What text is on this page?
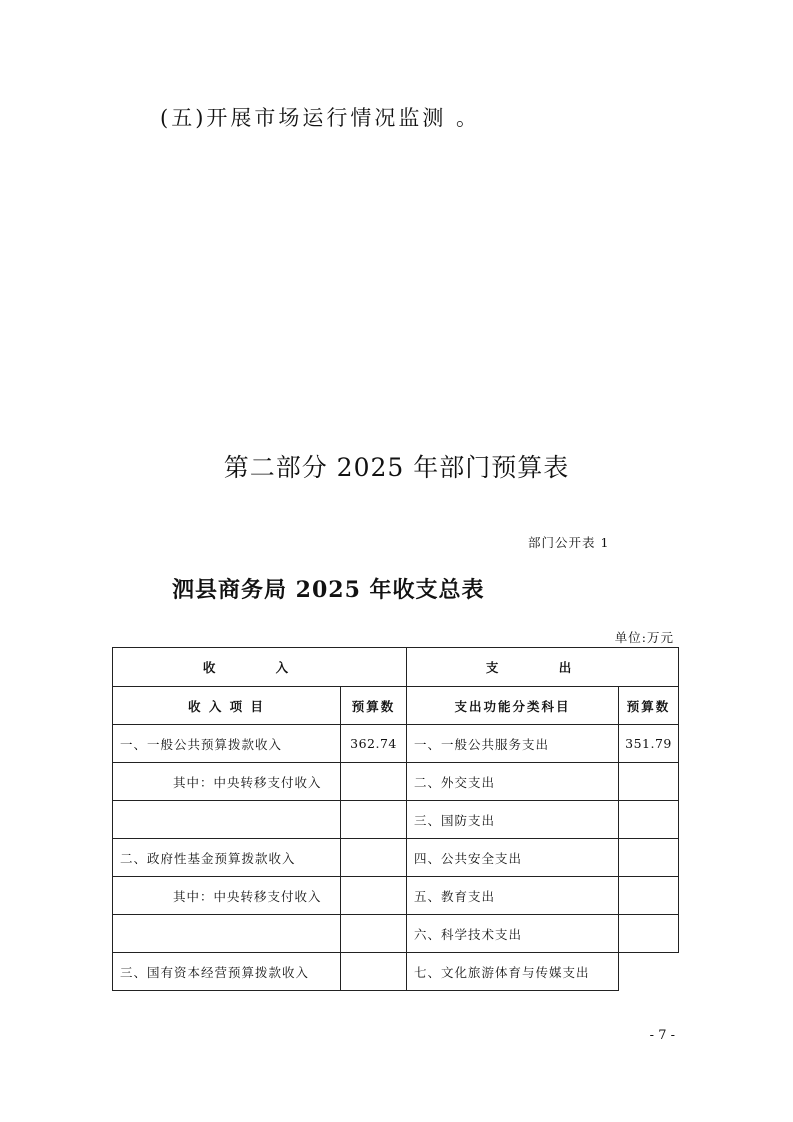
(五)开展市场运行情况监测 。
第二部分 2025 年部门预算表
部门公开表 1
泗县商务局 2025 年收支总表
单位:万元
收 入		支 出	
收 入 项 目	预算数	支出功能分类科目	预算数
一、一般公共预算拨款收入	362.74	一、一般公共服务支出	351.79
其中：中央转移支付收入		二、外交支出	
		三、国防支出	
二、政府性基金预算拨款收入		四、公共安全支出	
其中：中央转移支付收入		五、教育支出	
		六、科学技术支出	
三、国有资本经营预算拨款收入		七、文化旅游体育与传媒支出	
- 7 -
